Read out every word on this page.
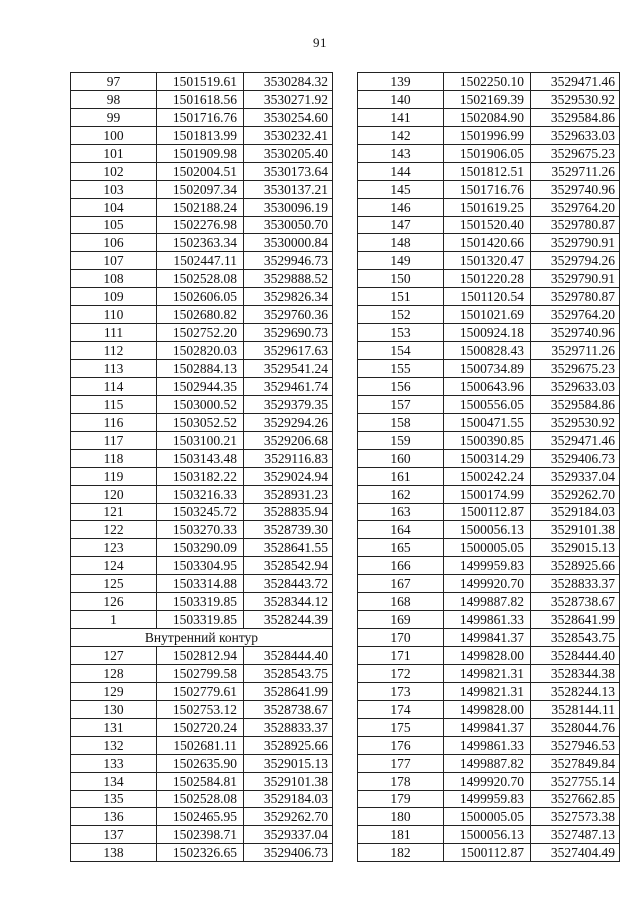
91
97	1501519.61	3530284.32
98	1501618.56	3530271.92
99	1501716.76	3530254.60
100	1501813.99	3530232.41
101	1501909.98	3530205.40
102	1502004.51	3530173.64
103	1502097.34	3530137.21
104	1502188.24	3530096.19
105	1502276.98	3530050.70
106	1502363.34	3530000.84
107	1502447.11	3529946.73
108	1502528.08	3529888.52
109	1502606.05	3529826.34
110	1502680.82	3529760.36
111	1502752.20	3529690.73
112	1502820.03	3529617.63
113	1502884.13	3529541.24
114	1502944.35	3529461.74
115	1503000.52	3529379.35
116	1503052.52	3529294.26
117	1503100.21	3529206.68
118	1503143.48	3529116.83
119	1503182.22	3529024.94
120	1503216.33	3528931.23
121	1503245.72	3528835.94
122	1503270.33	3528739.30
123	1503290.09	3528641.55
124	1503304.95	3528542.94
125	1503314.88	3528443.72
126	1503319.85	3528344.12
1	1503319.85	3528244.39
Внутренний контур		
127	1502812.94	3528444.40
128	1502799.58	3528543.75
129	1502779.61	3528641.99
130	1502753.12	3528738.67
131	1502720.24	3528833.37
132	1502681.11	3528925.66
133	1502635.90	3529015.13
134	1502584.81	3529101.38
135	1502528.08	3529184.03
136	1502465.95	3529262.70
137	1502398.71	3529337.04
138	1502326.65	3529406.73
139	1502250.10	3529471.46
140	1502169.39	3529530.92
141	1502084.90	3529584.86
142	1501996.99	3529633.03
143	1501906.05	3529675.23
144	1501812.51	3529711.26
145	1501716.76	3529740.96
146	1501619.25	3529764.20
147	1501520.40	3529780.87
148	1501420.66	3529790.91
149	1501320.47	3529794.26
150	1501220.28	3529790.91
151	1501120.54	3529780.87
152	1501021.69	3529764.20
153	1500924.18	3529740.96
154	1500828.43	3529711.26
155	1500734.89	3529675.23
156	1500643.96	3529633.03
157	1500556.05	3529584.86
158	1500471.55	3529530.92
159	1500390.85	3529471.46
160	1500314.29	3529406.73
161	1500242.24	3529337.04
162	1500174.99	3529262.70
163	1500112.87	3529184.03
164	1500056.13	3529101.38
165	1500005.05	3529015.13
166	1499959.83	3528925.66
167	1499920.70	3528833.37
168	1499887.82	3528738.67
169	1499861.33	3528641.99
170	1499841.37	3528543.75
171	1499828.00	3528444.40
172	1499821.31	3528344.38
173	1499821.31	3528244.13
174	1499828.00	3528144.11
175	1499841.37	3528044.76
176	1499861.33	3527946.53
177	1499887.82	3527849.84
178	1499920.70	3527755.14
179	1499959.83	3527662.85
180	1500005.05	3527573.38
181	1500056.13	3527487.13
182	1500112.87	3527404.49
